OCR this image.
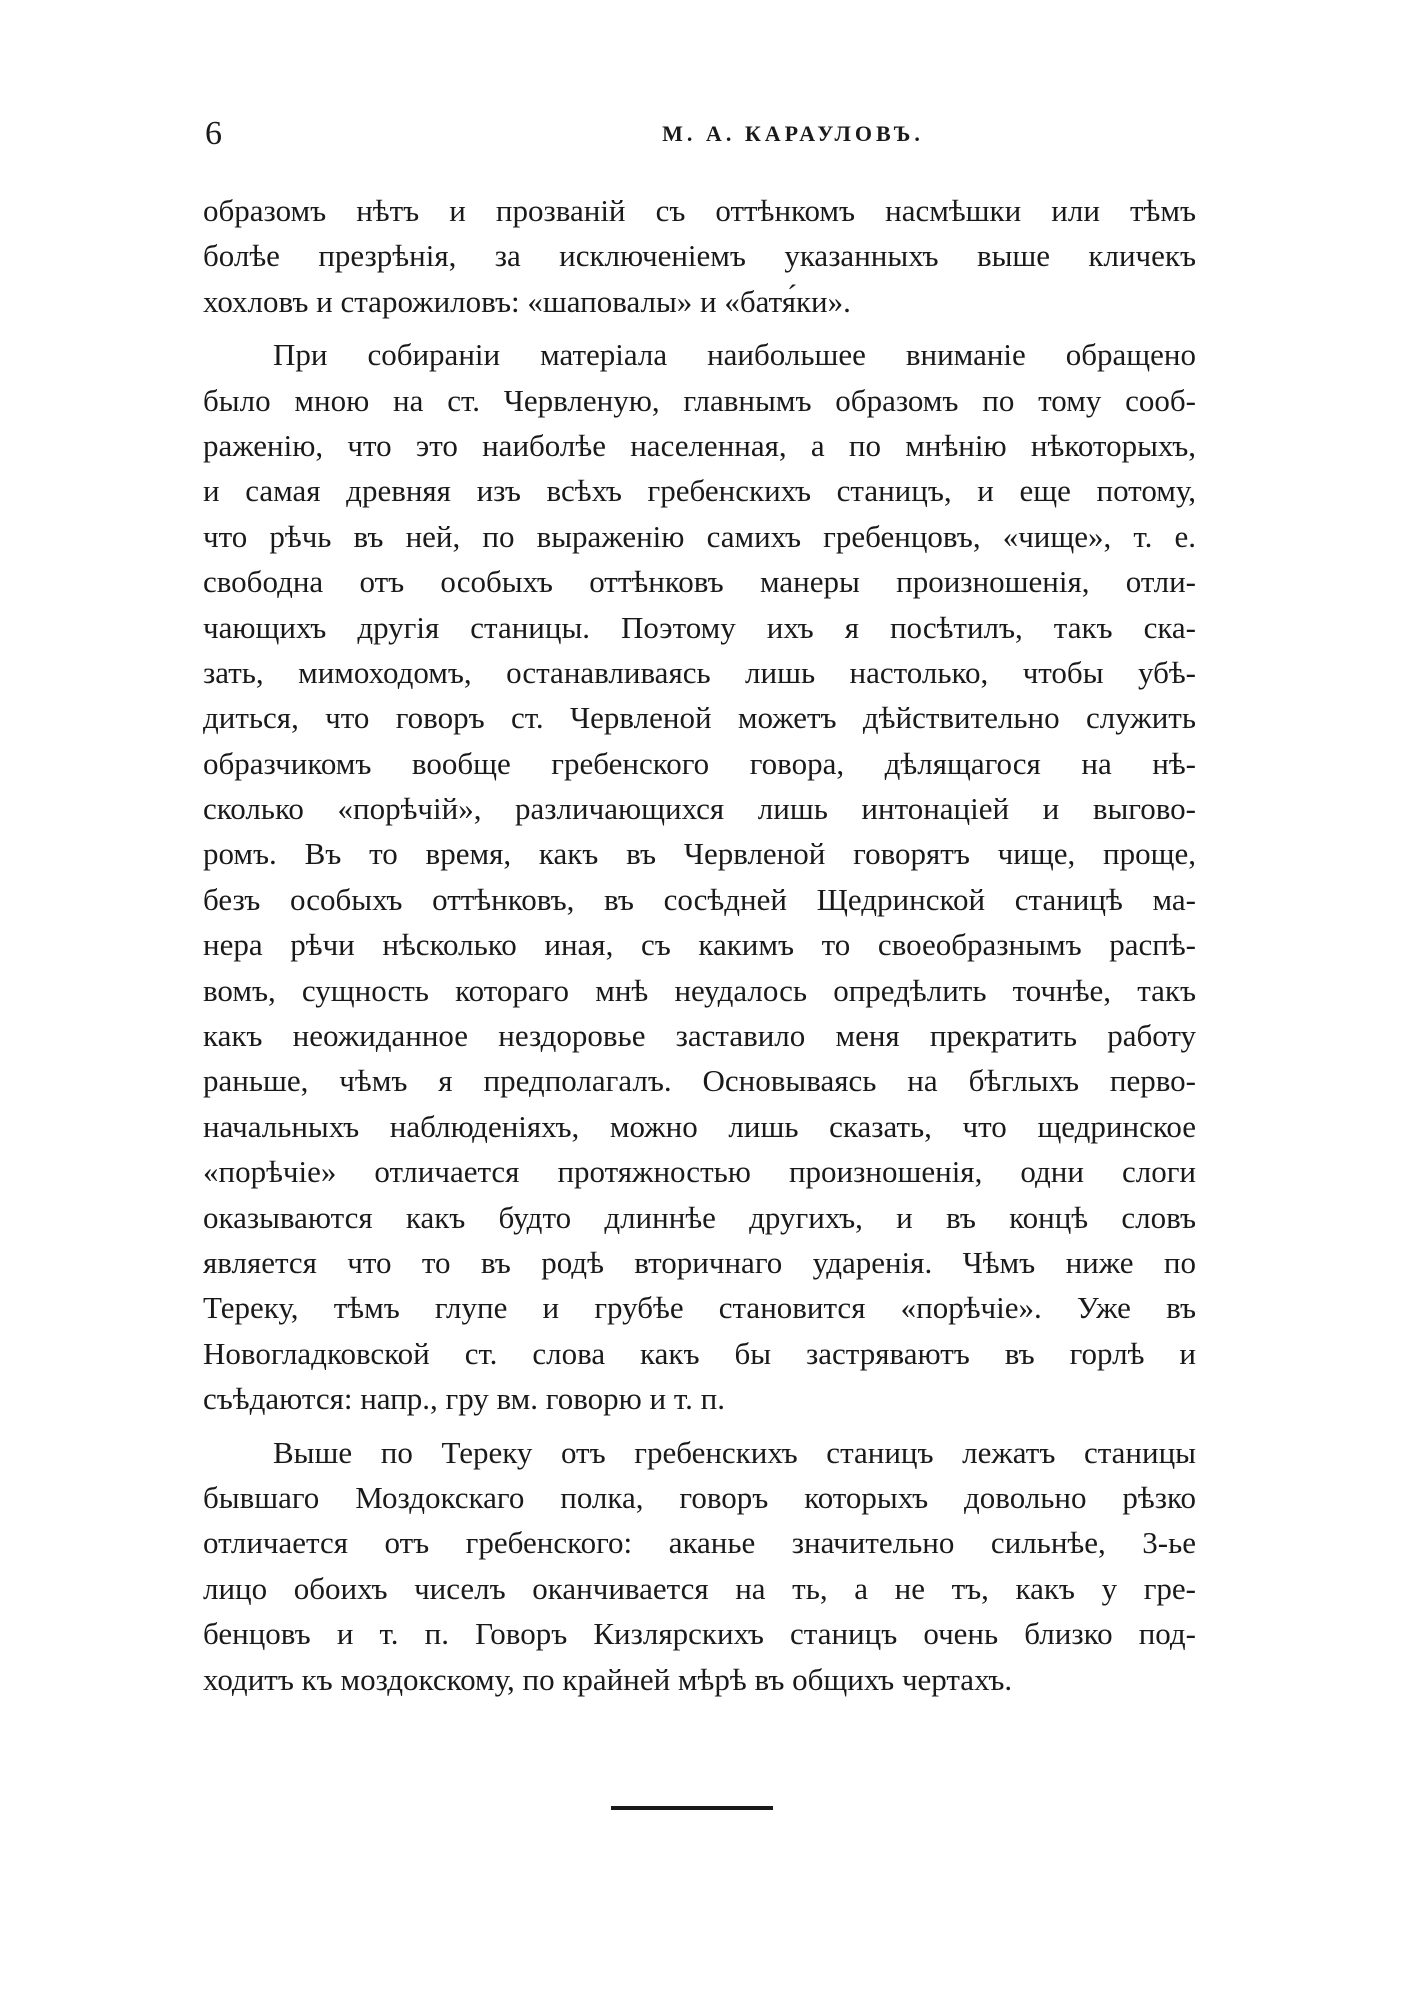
6	М. А. КАРАУЛОВЪ.

образомъ нѣтъ и прозваній съ оттѣнкомъ насмѣшки или тѣмъ
болѣе презрѣнія, за исключеніемъ указанныхъ выше кличекъ
хохловъ и старожиловъ: «шаповалы» и «батя́ки».

При собираніи матеріала наибольшее вниманіе обращено
было мною на ст. Червленую, главнымъ образомъ по тому сооб-
раженію, что это наиболѣе населенная, а по мнѣнію нѣкоторыхъ,
и самая древняя изъ всѣхъ гребенскихъ станицъ, и еще потому,
что рѣчь въ ней, по выраженію самихъ гребенцовъ, «чище», т. е.
свободна отъ особыхъ оттѣнковъ манеры произношенія, отли-
чающихъ другія станицы. Поэтому ихъ я посѣтилъ, такъ ска-
зать, мимоходомъ, останавливаясь лишь настолько, чтобы убѣ-
диться, что говоръ ст. Червленой можетъ дѣйствительно служить
образчикомъ вообще гребенского говора, дѣлящагося на нѣ-
сколько «порѣчій», различающихся лишь интонаціей и выгово-
ромъ. Въ то время, какъ въ Червленой говорятъ чище, проще,
безъ особыхъ оттѣнковъ, въ сосѣдней Щедринской станицѣ ма-
нера рѣчи нѣсколько иная, съ какимъ то своеобразнымъ распѣ-
вомъ, сущность котораго мнѣ неудалось опредѣлить точнѣе, такъ
какъ неожиданное нездоровье заставило меня прекратить работу
раньше, чѣмъ я предполагалъ. Основываясь на бѣглыхъ перво-
начальныхъ наблюденіяхъ, можно лишь сказать, что щедринское
«порѣчіе» отличается протяжностью произношенія, одни слоги
оказываются какъ будто длиннѣе другихъ, и въ концѣ словъ
является что то въ родѣ вторичнаго ударенія. Чѣмъ ниже по
Тереку, тѣмъ глупе и грубѣе становится «порѣчіе». Уже въ
Новогладковской ст. слова какъ бы застряваютъ въ горлѣ и
съѣдаются: напр., гру вм. говорю и т. п.

Выше по Тереку отъ гребенскихъ станицъ лежатъ станицы
бывшаго Моздокскаго полка, говоръ которыхъ довольно рѣзко
отличается отъ гребенского: аканье значительно сильнѣе, 3-ье
лицо обоихъ чиселъ оканчивается на ть, а не тъ, какъ у гре-
бенцовъ и т. п. Говоръ Кизлярскихъ станицъ очень близко под-
ходитъ къ моздокскому, по крайней мѣрѣ въ общихъ чертахъ.
